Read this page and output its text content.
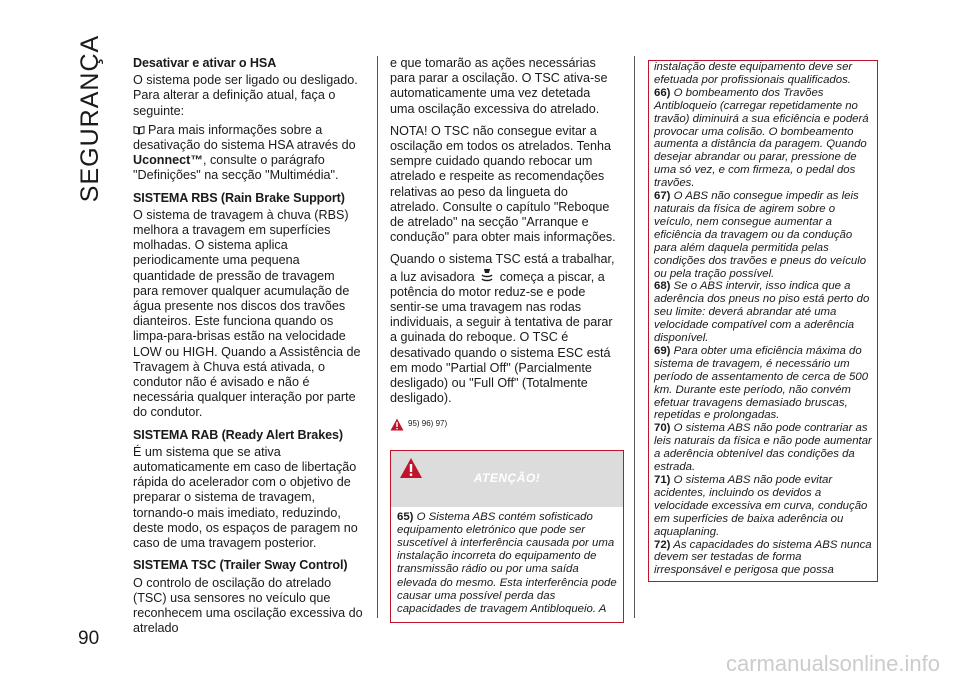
SEGURANÇA Desativar e ativar o HSA
O sistema pode ser ligado ou desligado. Para alterar a definição atual, faça o seguinte:
Para mais informações sobre a desativação do sistema HSA através do Uconnect™, consulte o parágrafo "Definições" na secção "Multimédia".
SISTEMA RBS (Rain Brake Support)
O sistema de travagem à chuva (RBS) melhora a travagem em superfícies molhadas. O sistema aplica periodicamente uma pequena quantidade de pressão de travagem para remover qualquer acumulação de água presente nos discos dos travões dianteiros. Este funciona quando os limpa-para-brisas estão na velocidade LOW ou HIGH. Quando a Assistência de Travagem à Chuva está ativada, o condutor não é avisado e não é necessária qualquer interação por parte do condutor.
SISTEMA RAB (Ready Alert Brakes)
É um sistema que se ativa automaticamente em caso de libertação rápida do acelerador com o objetivo de preparar o sistema de travagem, tornando-o mais imediato, reduzindo, deste modo, os espaços de paragem no caso de uma travagem posterior.
SISTEMA TSC (Trailer Sway Control)
O controlo de oscilação do atrelado (TSC) usa sensores no veículo que reconhecem uma oscilação excessiva do atrelado
e que tomarão as ações necessárias para parar a oscilação. O TSC ativa-se automaticamente uma vez detetada uma oscilação excessiva do atrelado.
NOTA! O TSC não consegue evitar a oscilação em todos os atrelados. Tenha sempre cuidado quando rebocar um atrelado e respeite as recomendações relativas ao peso da lingueta do atrelado. Consulte o capítulo "Reboque de atrelado" na secção "Arranque e condução" para obter mais informações.
Quando o sistema TSC está a trabalhar, a luz avisadora começa a piscar, a potência do motor reduz-se e pode sentir-se uma travagem nas rodas individuais, a seguir à tentativa de parar a guinada do reboque. O TSC é desativado quando o sistema ESC está em modo "Partial Off" (Parcialmente desligado) ou "Full Off" (Totalmente desligado).
95) 96) 97)
ATENÇÃO!
65) O Sistema ABS contém sofisticado equipamento eletrónico que pode ser suscetível à interferência causada por uma instalação incorreta do equipamento de transmissão rádio ou por uma saída elevada do mesmo. Esta interferência pode causar uma possível perda das capacidades de travagem Antibloqueio. A
instalação deste equipamento deve ser efetuada por profissionais qualificados.
66) O bombeamento dos Travões Antibloqueio (carregar repetidamente no travão) diminuirá a sua eficiência e poderá provocar uma colisão. O bombeamento aumenta a distância da paragem. Quando desejar abrandar ou parar, pressione de uma só vez, e com firmeza, o pedal dos travões.
67) O ABS não consegue impedir as leis naturais da física de agirem sobre o veículo, nem consegue aumentar a eficiência da travagem ou da condução para além daquela permitida pelas condições dos travões e pneus do veículo ou pela tração possível.
68) Se o ABS intervir, isso indica que a aderência dos pneus no piso está perto do seu limite: deverá abrandar até uma velocidade compatível com a aderência disponível.
69) Para obter uma eficiência máxima do sistema de travagem, é necessário um período de assentamento de cerca de 500 km. Durante este período, não convém efetuar travagens demasiado bruscas, repetidas e prolongadas.
70) O sistema ABS não pode contrariar as leis naturais da física e não pode aumentar a aderência obtenível das condições da estrada.
71) O sistema ABS não pode evitar acidentes, incluindo os devidos a velocidade excessiva em curva, condução em superfícies de baixa aderência ou aquaplaning.
72) As capacidades do sistema ABS nunca devem ser testadas de forma irresponsável e perigosa que possa
90
carmanualsonline.info
